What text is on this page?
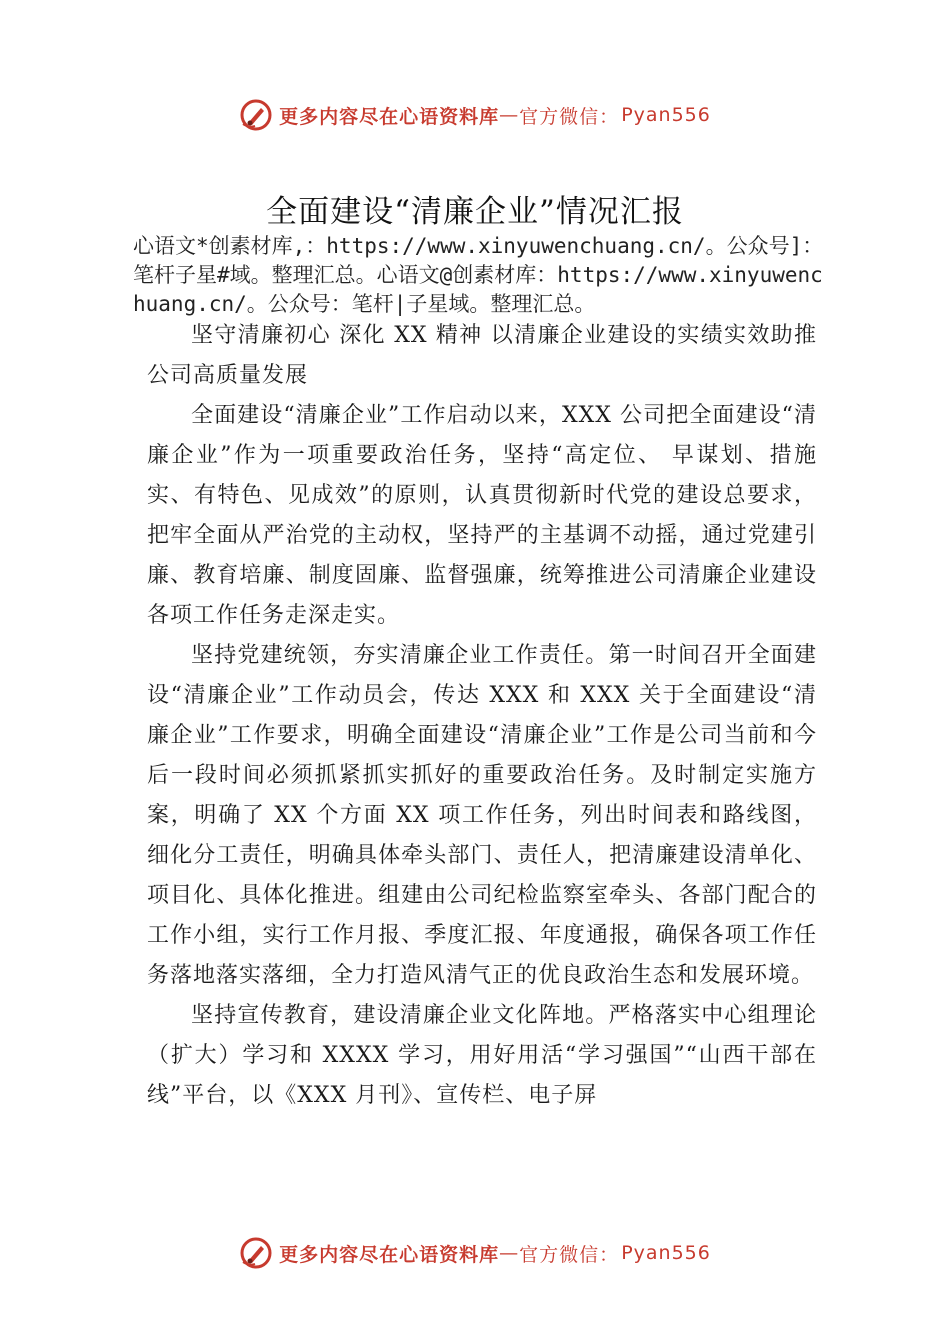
更多内容尽在心语资料库 — 官方微信： Pyan556
全面建设“清廉企业”情况汇报

心语文*创素材库,：https://www.xinyuwenchuang.cn/。公众号]：笔杆子星#域。整理汇总。心语文@创素材库：https://www.xinyuwenchuang.cn/。公众号：笔杆|子星域。整理汇总。

坚守清廉初心 深化 XX 精神 以清廉企业建设的实绩实效助推公司高质量发展

全面建设“清廉企业”工作启动以来，XXX 公司把全面建设“清廉企业”作为一项重要政治任务，坚持“高定位、 早谋划、措施实、有特色、见成效”的原则，认真贯彻新时代党的建设总要求，把牢全面从严治党的主动权，坚持严的主基调不动摇，通过党建引廉、教育培廉、制度固廉、监督强廉，统筹推进公司清廉企业建设各项工作任务走深走实。

坚持党建统领，夯实清廉企业工作责任。第一时间召开全面建设“清廉企业”工作动员会，传达 XXX 和 XXX 关于全面建设“清廉企业”工作要求，明确全面建设“清廉企业”工作是公司当前和今后一段时间必须抓紧抓实抓好的重要政治任务。及时制定实施方案，明确了 XX 个方面 XX 项工作任务，列出时间表和路线图，细化分工责任，明确具体牵头部门、责任人，把清廉建设清单化、项目化、具体化推进。组建由公司纪检监察室牵头、各部门配合的工作小组，实行工作月报、季度汇报、年度通报，确保各项工作任务落地落实落细，全力打造风清气正的优良政治生态和发展环境。

坚持宣传教育，建设清廉企业文化阵地。严格落实中心组理论（扩大）学习和 XXXX 学习，用好用活“学习强国”“山西干部在线”平台，以《XXX 月刊》、宣传栏、电子屏

更多内容尽在心语资料库 — 官方微信： Pyan556
